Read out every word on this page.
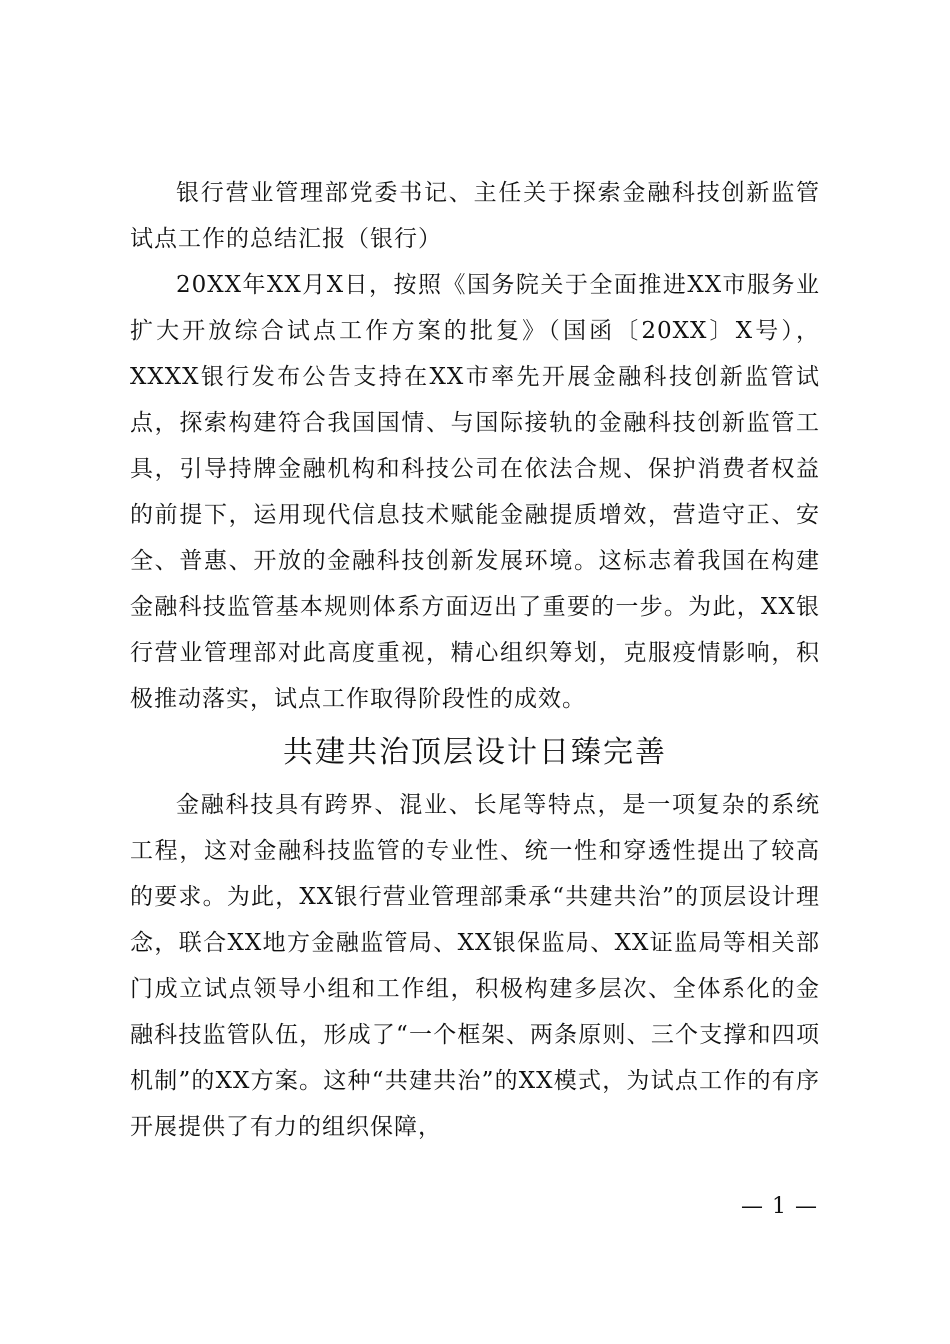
银行营业管理部党委书记、主任关于探索金融科技创新监管试点工作的总结汇报（银行）

20XX年XX月X日，按照《国务院关于全面推进XX市服务业扩大开放综合试点工作方案的批复》（国函〔20XX〕X号），XXXX银行发布公告支持在XX市率先开展金融科技创新监管试点，探索构建符合我国国情、与国际接轨的金融科技创新监管工具，引导持牌金融机构和科技公司在依法合规、保护消费者权益的前提下，运用现代信息技术赋能金融提质增效，营造守正、安全、普惠、开放的金融科技创新发展环境。这标志着我国在构建金融科技监管基本规则体系方面迈出了重要的一步。为此，XX银行营业管理部对此高度重视，精心组织筹划，克服疫情影响，积极推动落实，试点工作取得阶段性的成效。

共建共治顶层设计日臻完善

金融科技具有跨界、混业、长尾等特点，是一项复杂的系统工程，这对金融科技监管的专业性、统一性和穿透性提出了较高的要求。为此，XX银行营业管理部秉承“共建共治”的顶层设计理念，联合XX地方金融监管局、XX银保监局、XX证监局等相关部门成立试点领导小组和工作组，积极构建多层次、全体系化的金融科技监管队伍，形成了“一个框架、两条原则、三个支撑和四项机制”的XX方案。这种“共建共治”的XX模式，为试点工作的有序开展提供了有力的组织保障，

— 1 —
